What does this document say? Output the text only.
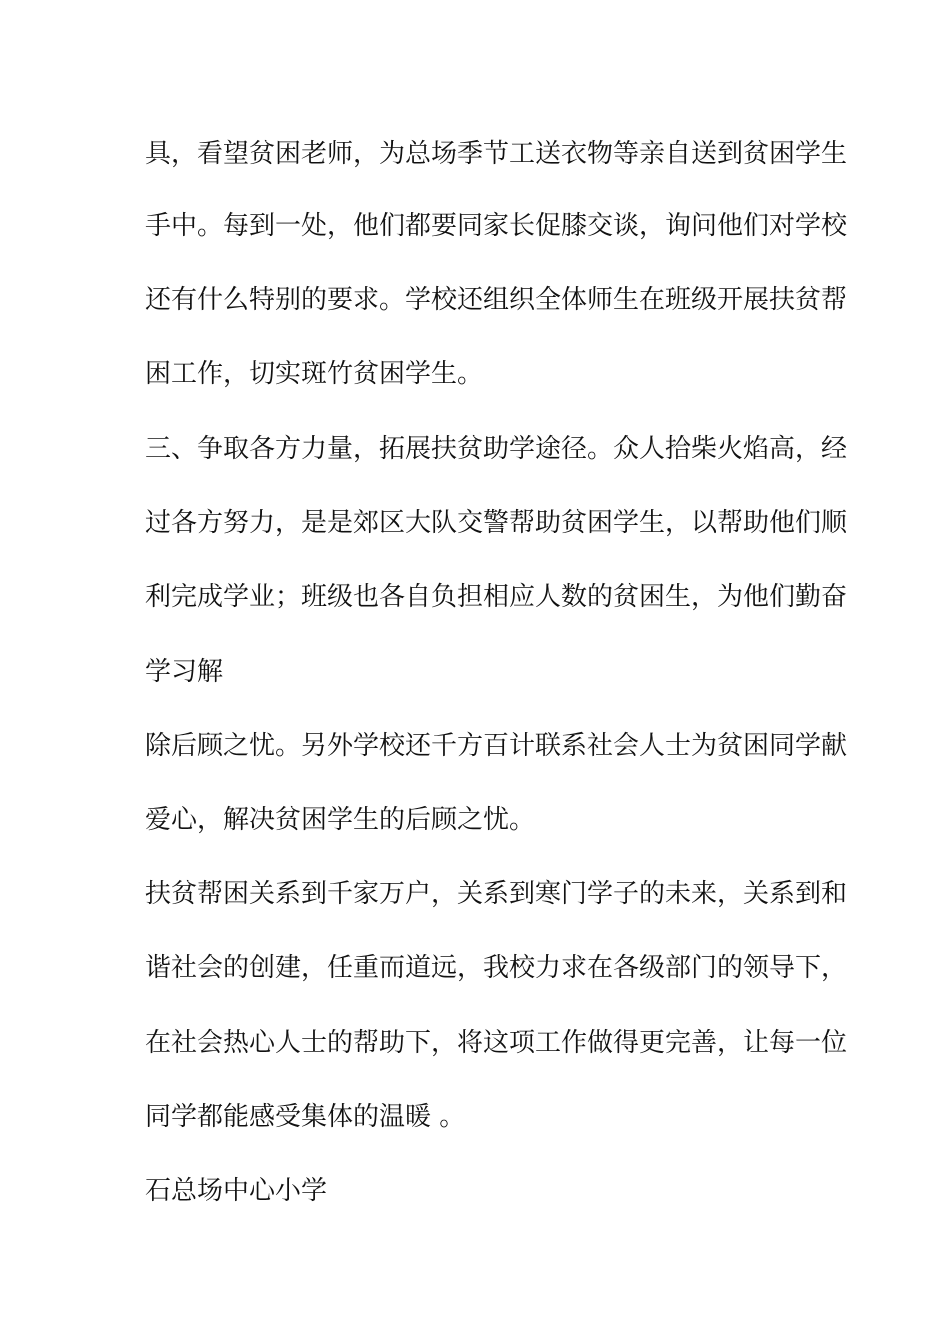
具，看望贫困老师，为总场季节工送衣物等亲自送到贫困学生
手中。每到一处，他们都要同家长促膝交谈，询问他们对学校
还有什么特别的要求。学校还组织全体师生在班级开展扶贫帮
困工作，切实斑竹贫困学生。
三、争取各方力量，拓展扶贫助学途径。众人拾柴火焰高，经
过各方努力，是是郊区大队交警帮助贫困学生，以帮助他们顺
利完成学业；班级也各自负担相应人数的贫困生，为他们勤奋
学习解
除后顾之忧。另外学校还千方百计联系社会人士为贫困同学献
爱心，解决贫困学生的后顾之忧。
扶贫帮困关系到千家万户，关系到寒门学子的未来，关系到和
谐社会的创建，任重而道远，我校力求在各级部门的领导下，
在社会热心人士的帮助下，将这项工作做得更完善，让每一位
同学都能感受集体的温暖 。
石总场中心小学
